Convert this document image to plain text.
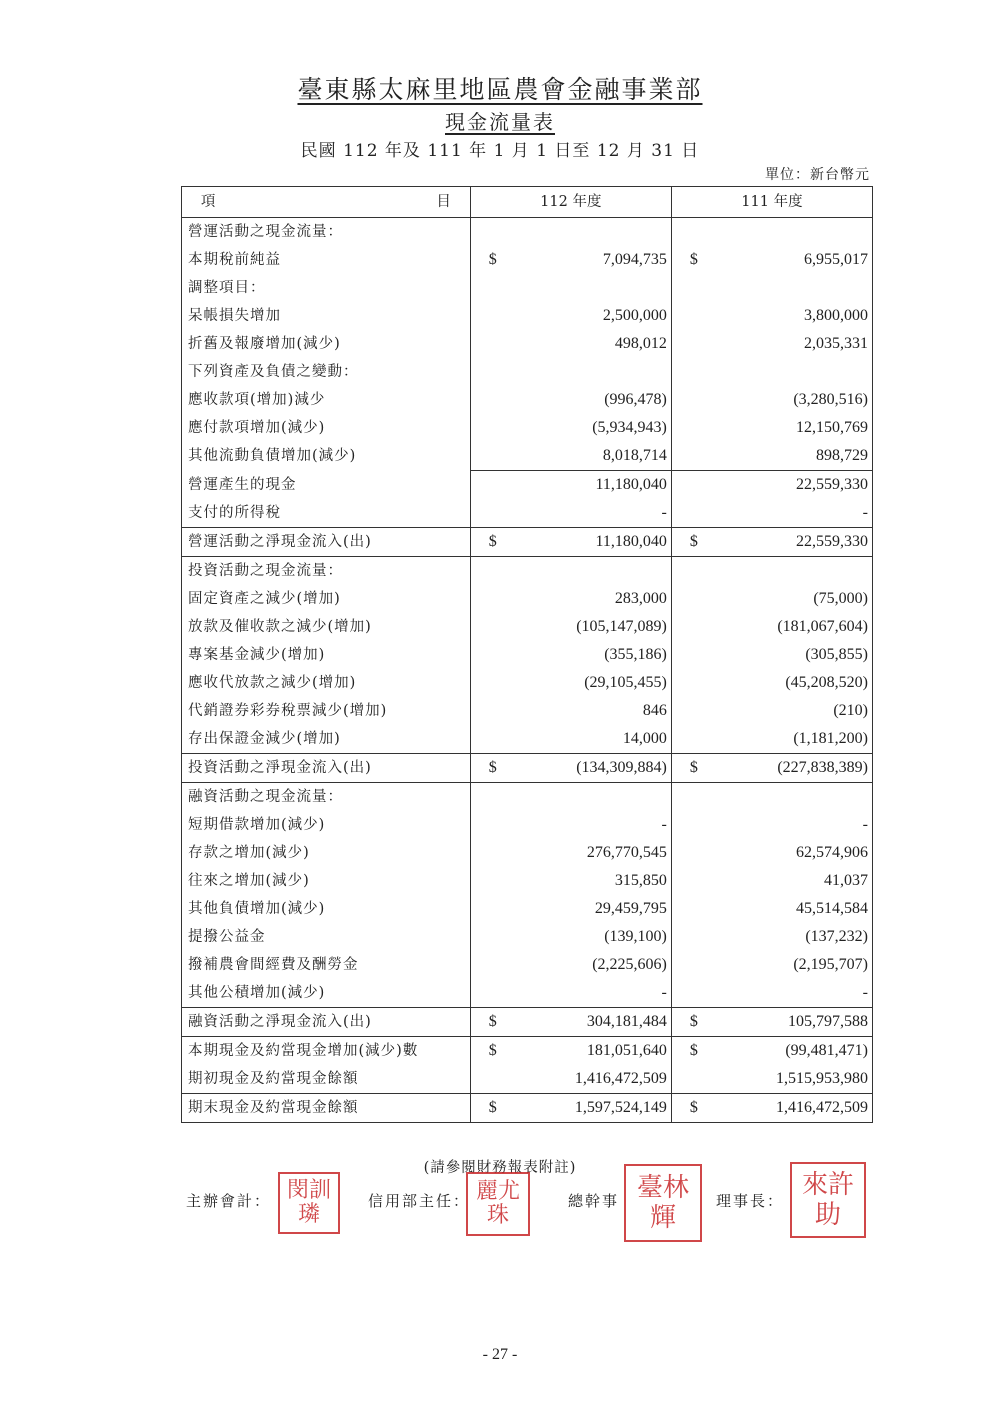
臺東縣太麻里地區農會金融事業部
現金流量表
民國 112 年及 111 年 1 月 1 日至 12 月 31 日
單位：新台幣元
項 目	112 年度	111 年度
營運活動之現金流量：		
本期稅前純益	$ 7,094,735	$ 6,955,017
調整項目：		
呆帳損失增加	2,500,000	3,800,000
折舊及報廢增加(減少)	498,012	2,035,331
下列資產及負債之變動：		
應收款項(增加)減少	(996,478)	(3,280,516)
應付款項增加(減少)	(5,934,943)	12,150,769
其他流動負債增加(減少)	8,018,714	898,729
營運產生的現金	11,180,040	22,559,330
支付的所得稅	-	-
營運活動之淨現金流入(出)	$ 11,180,040	$ 22,559,330
投資活動之現金流量：		
固定資產之減少(增加)	283,000	(75,000)
放款及催收款之減少(增加)	(105,147,089)	(181,067,604)
專案基金減少(增加)	(355,186)	(305,855)
應收代放款之減少(增加)	(29,105,455)	(45,208,520)
代銷證券彩券稅票減少(增加)	846	(210)
存出保證金減少(增加)	14,000	(1,181,200)
投資活動之淨現金流入(出)	$ (134,309,884)	$ (227,838,389)
融資活動之現金流量：		
短期借款增加(減少)	-	-
存款之增加(減少)	276,770,545	62,574,906
往來之增加(減少)	315,850	41,037
其他負債增加(減少)	29,459,795	45,514,584
提撥公益金	(139,100)	(137,232)
撥補農會間經費及酬勞金	(2,225,606)	(2,195,707)
其他公積增加(減少)	-	-
融資活動之淨現金流入(出)	$ 304,181,484	$ 105,797,588
本期現金及約當現金增加(減少)數	$ 181,051,640	$ (99,481,471)
期初現金及約當現金餘額	1,416,472,509	1,515,953,980
期末現金及約當現金餘額	$ 1,597,524,149	$ 1,416,472,509
(請參閱財務報表附註)
主辦會計： 閔訓
璘
信用部主任： 麗尤
珠
總幹事 臺林
輝
理事長：
來許
助
- 27 -
